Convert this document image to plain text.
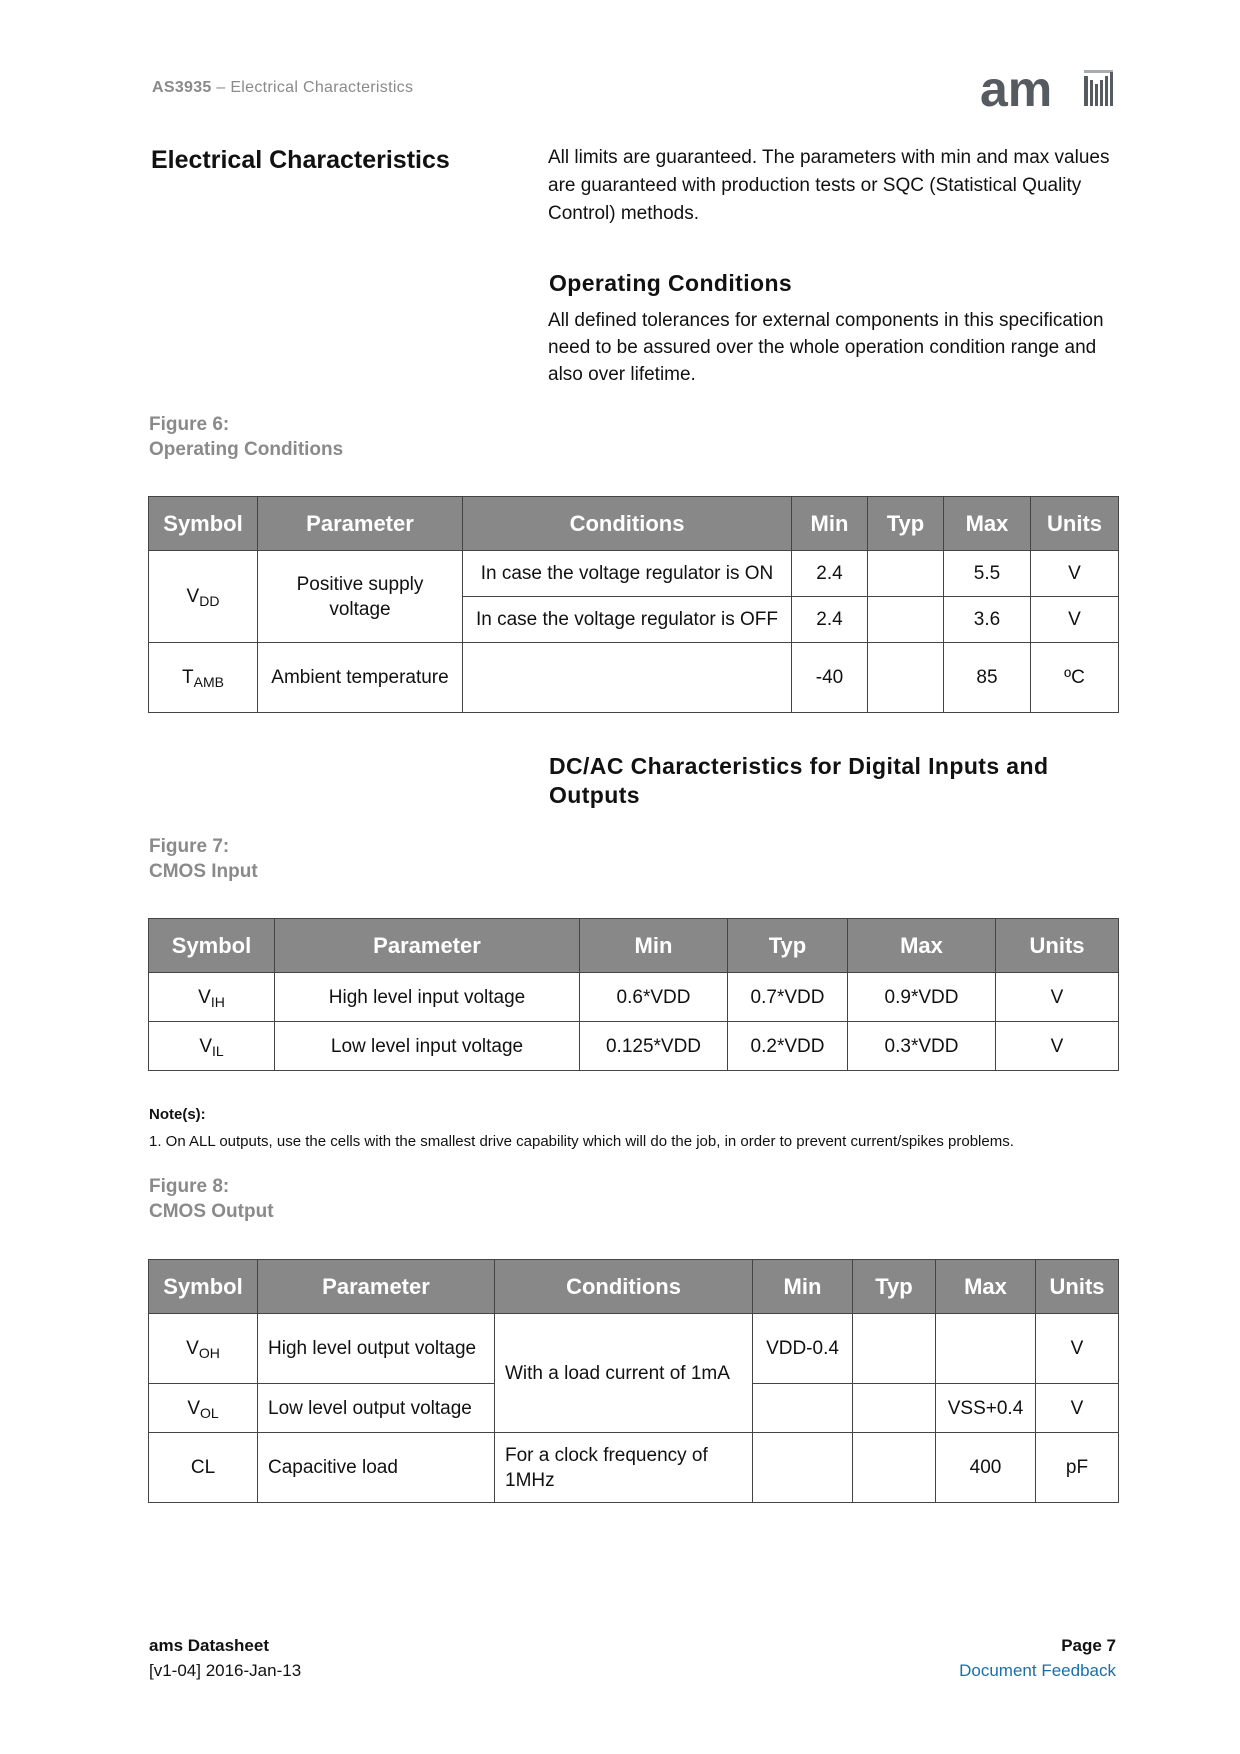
AS3935 – Electrical Characteristics	am
Electrical Characteristics	All limits are guaranteed. The parameters with min and max values are guaranteed with production tests or SQC (Statistical Quality Control) methods.
Operating Conditions
All defined tolerances for external components in this specification need to be assured over the whole operation condition range and also over lifetime.
Figure 6:
Operating Conditions
Symbol	Parameter	Conditions	Min	Typ	Max	Units
$V_{DD}$	Positive supply voltage	In case the voltage regulator is ON	2.4		5.5	V
		In case the voltage regulator is OFF	2.4		3.6	V
$T_{AMB}$	Ambient temperature		-40		85	ºC
DC/AC Characteristics for Digital Inputs and Outputs
Figure 7:
CMOS Input
Symbol	Parameter	Min	Typ	Max	Units
$V_{IH}$	High level input voltage	0.6*VDD	0.7*VDD	0.9*VDD	V
$V_{IL}$	Low level input voltage	0.125*VDD	0.2*VDD	0.3*VDD	V
Note(s):
1. On ALL outputs, use the cells with the smallest drive capability which will do the job, in order to prevent current/spikes problems.
Figure 8:
CMOS Output
Symbol	Parameter	Conditions	Min	Typ	Max	Units
$V_{OH}$	High level output voltage	With a load current of 1mA	VDD-0.4			V
$V_{OL}$	Low level output voltage				VSS+0.4	V
CL	Capacitive load	For a clock frequency of 1MHz			400	pF
ams Datasheet
[v1-04] 2016-Jan-13
Page 7
Document Feedback
